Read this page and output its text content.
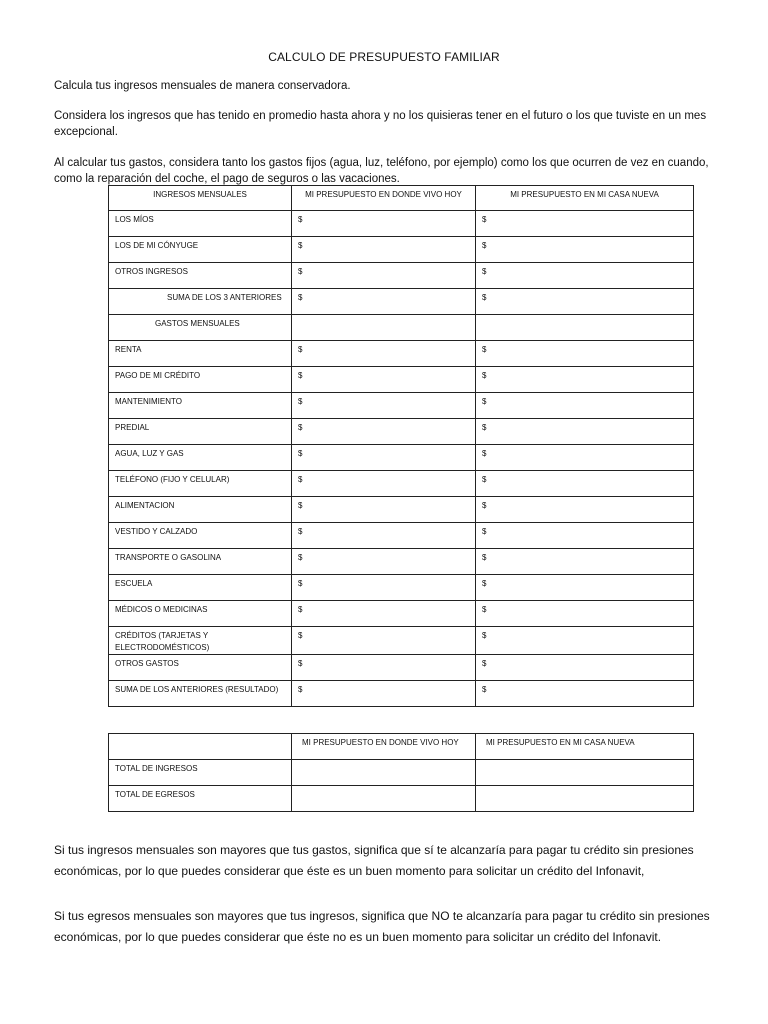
CALCULO DE PRESUPUESTO FAMILIAR
Calcula tus ingresos mensuales de manera conservadora.
Considera los ingresos que has tenido en promedio hasta ahora y no los quisieras tener en el futuro o los que tuviste en un mes excepcional.
Al calcular tus gastos, considera tanto los gastos fijos (agua, luz, teléfono, por ejemplo) como los que ocurren de vez en cuando, como la reparación del coche, el pago de seguros o las vacaciones.
INGRESOS MENSUALES	MI PRESUPUESTO EN DONDE VIVO HOY	MI PRESUPUESTO EN MI CASA NUEVA
LOS MÍOS	$	$
LOS DE MI CÓNYUGE	$	$
OTROS INGRESOS	$	$
SUMA DE LOS 3 ANTERIORES	$	$
GASTOS MENSUALES		
RENTA	$	$
PAGO DE MI CRÉDITO	$	$
MANTENIMIENTO	$	$
PREDIAL	$	$
AGUA, LUZ Y GAS	$	$
TELÉFONO (FIJO Y CELULAR)	$	$
ALIMENTACION	$	$
VESTIDO Y CALZADO	$	$
TRANSPORTE O GASOLINA	$	$
ESCUELA	$	$
MÉDICOS O MEDICINAS	$	$
CRÉDITOS (TARJETAS Y ELECTRODOMÉSTICOS)	$	$
OTROS GASTOS	$	$
SUMA DE LOS ANTERIORES (RESULTADO)	$	$
	MI PRESUPUESTO EN DONDE VIVO HOY	MI PRESUPUESTO EN MI CASA NUEVA
TOTAL DE INGRESOS		
TOTAL DE EGRESOS		
Si tus ingresos mensuales son mayores que tus gastos, significa que sí te alcanzaría para pagar tu crédito sin presiones económicas, por lo que puedes considerar que éste es un buen momento para solicitar un crédito del Infonavit,
Si tus egresos mensuales son mayores que tus ingresos, significa que NO te alcanzaría para pagar tu crédito sin presiones económicas, por lo que puedes considerar que éste no es un buen momento para solicitar un crédito del Infonavit.
